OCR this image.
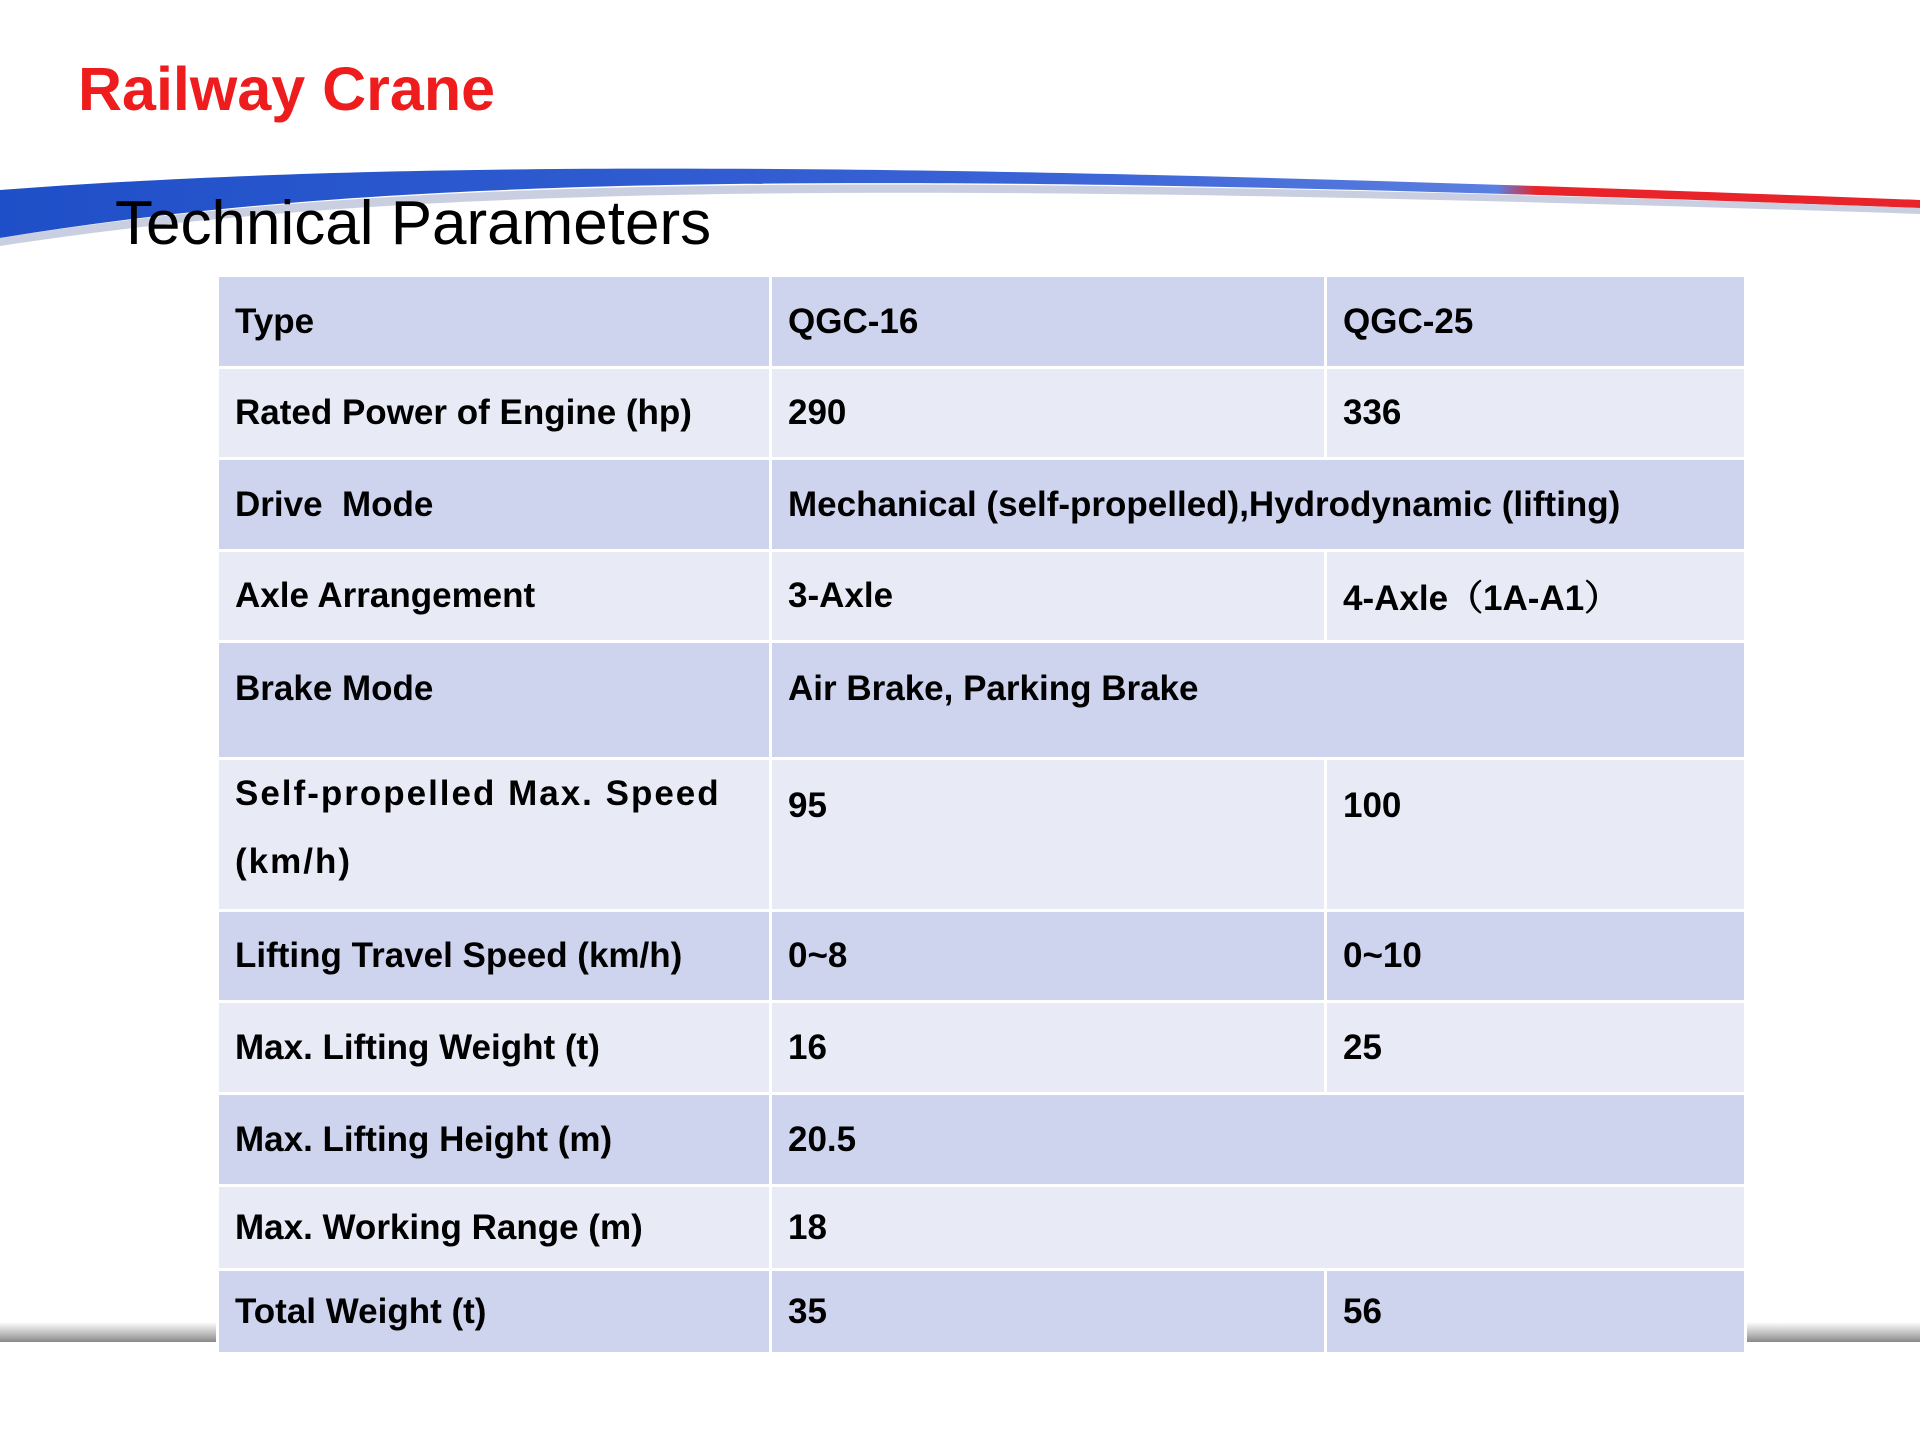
Railway Crane
Technical Parameters
Type	QGC-16	QGC-25
Rated Power of Engine (hp)	290	336
Drive  Mode	Mechanical (self-propelled),Hydrodynamic (lifting)	
Axle Arrangement	3-Axle	4-Axle（1A-A1）
Brake Mode	Air Brake, Parking Brake	
Self-propelled Max. Speed (km/h)	95	100
Lifting Travel Speed (km/h)	0~8	0~10
Max. Lifting Weight (t)	16	25
Max. Lifting Height (m)	20.5	
Max. Working Range (m)	18	
Total Weight (t)	35	56
